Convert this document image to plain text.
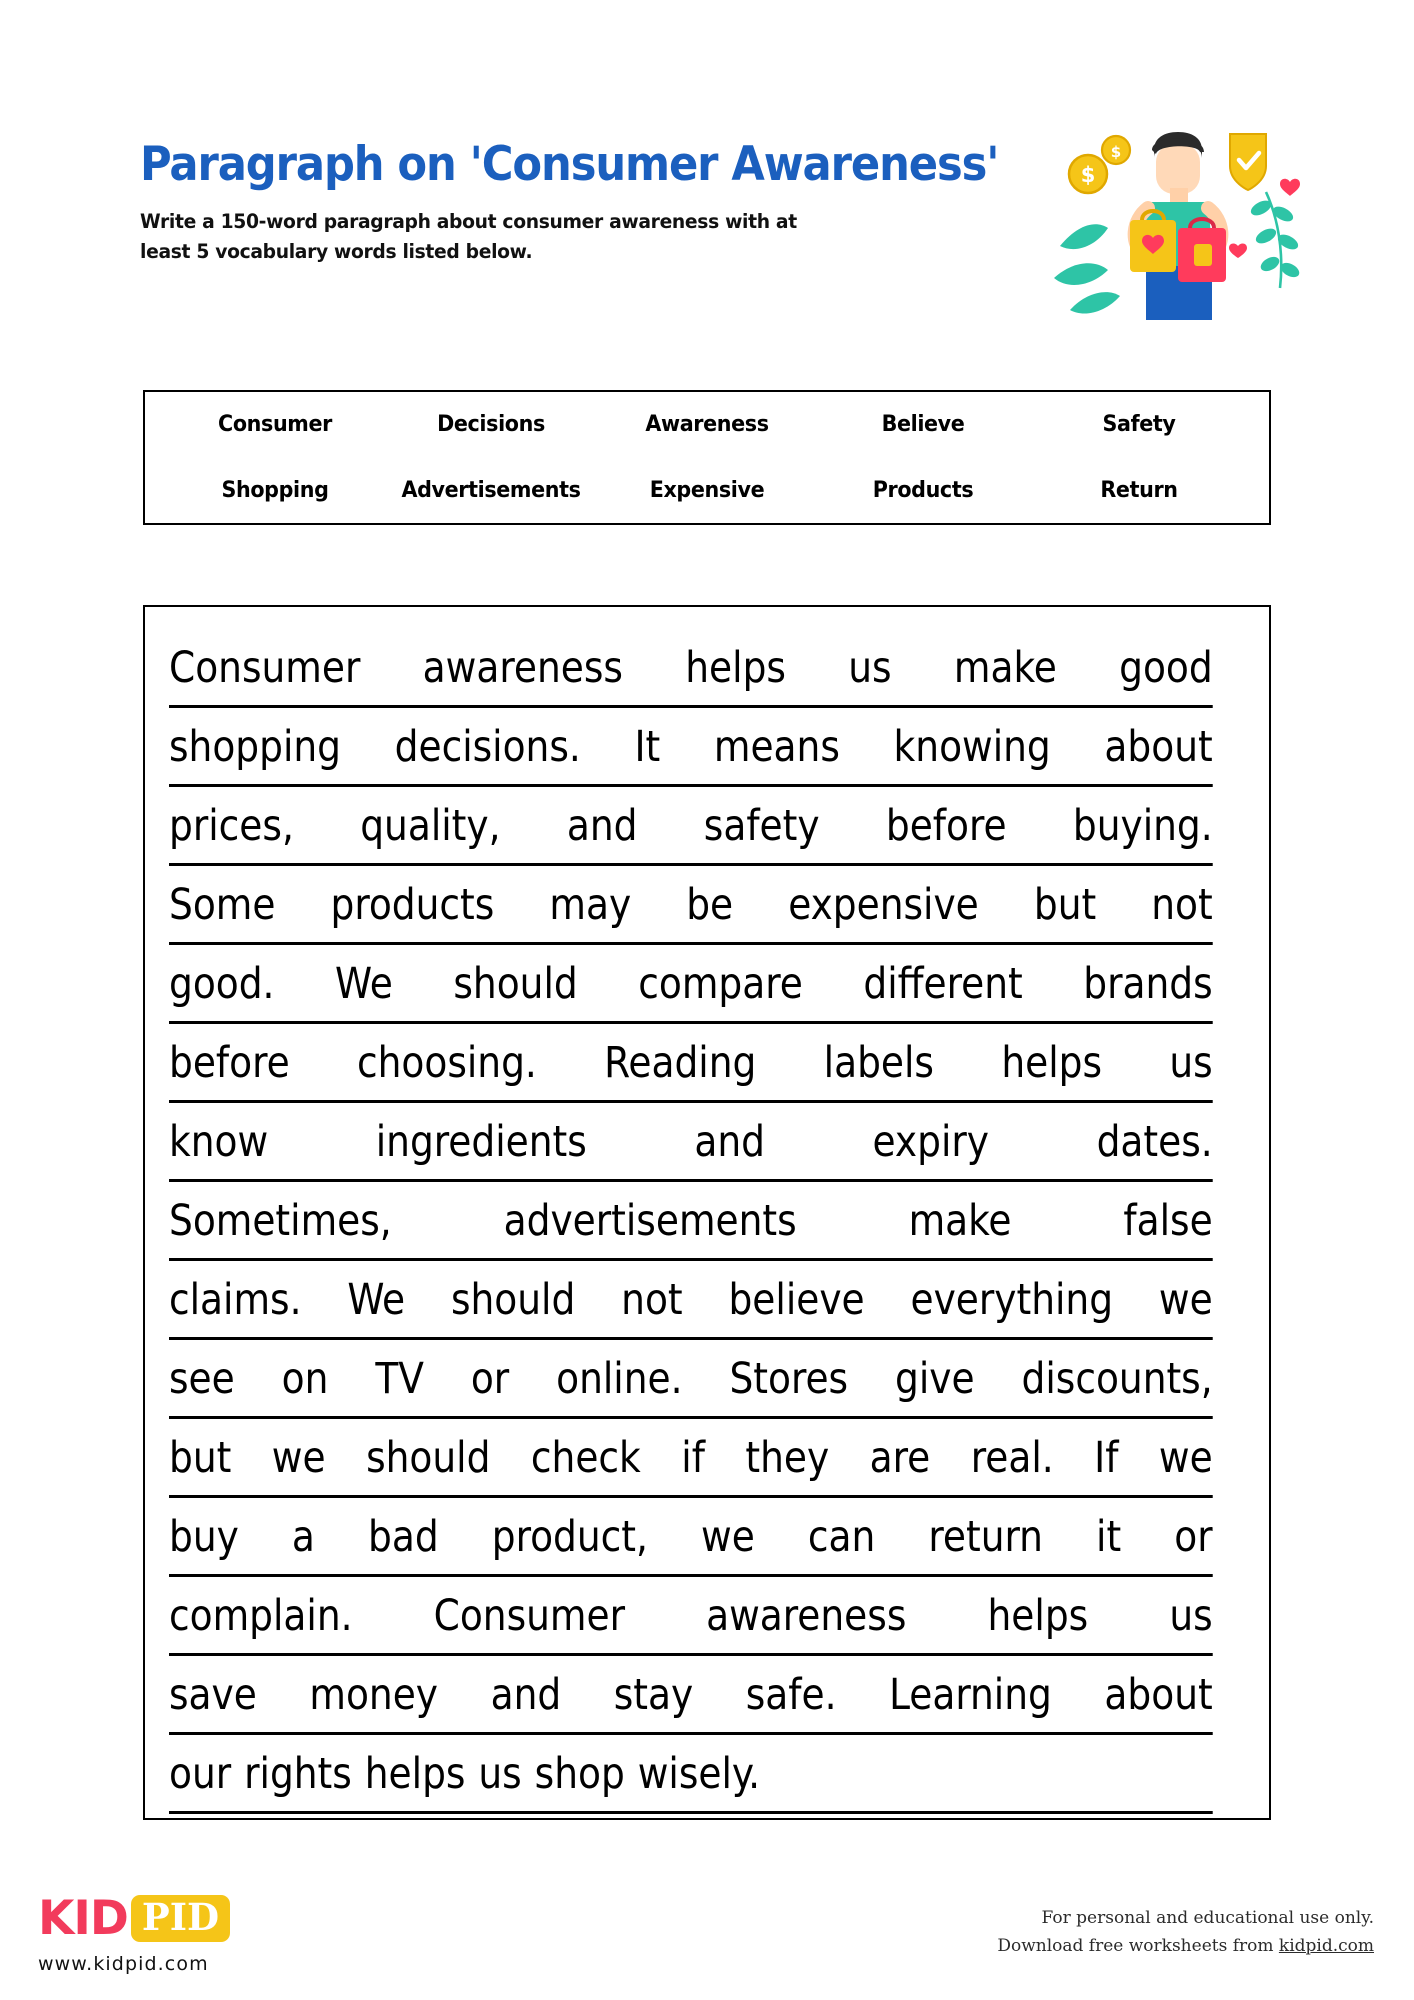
Paragraph on 'Consumer Awareness'
Write a 150-word paragraph about consumer awareness with at
least 5 vocabulary words listed below.
$
$
Consumer	Decisions	Awareness	Believe	Safety
Shopping	Advertisements	Expensive	Products	Return
Consumer awareness helps us make good
shopping decisions. It means knowing about
prices, quality, and safety before buying.
Some products may be expensive but not
good. We should compare different brands
before choosing. Reading labels helps us
know	ingredients	and	expiry	dates.
Sometimes,	advertisements	make	false
claims. We should not believe everything we
see on TV or online. Stores give discounts,
but we should check if they are real. If we
buy a bad product, we can return it or
complain. Consumer awareness helps us
save money and stay safe. Learning about
our rights helps us shop wisely.
KID PID
www.kidpid.com
For personal and educational use only.
Download free worksheets from kidpid.com
